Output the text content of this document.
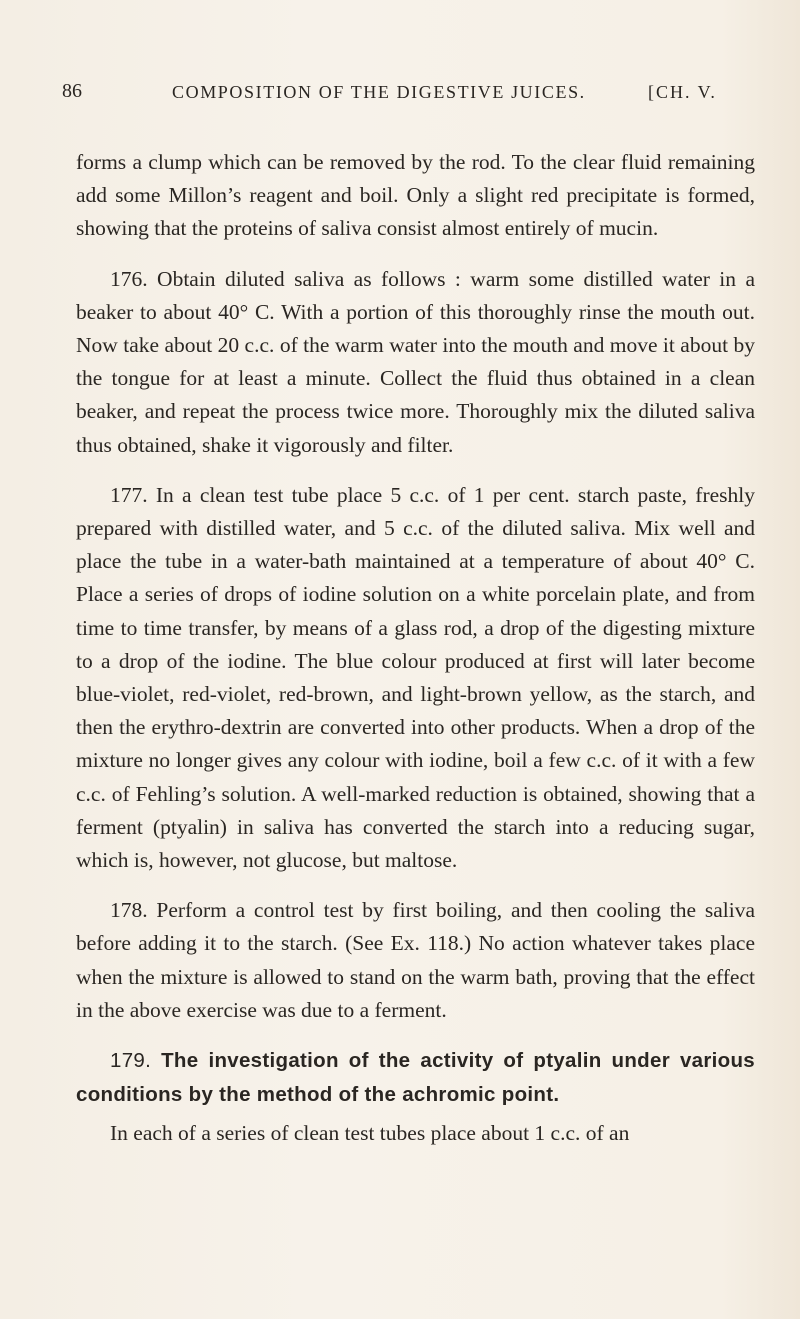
86	COMPOSITION OF THE DIGESTIVE JUICES.	[CH. V.

forms a clump which can be removed by the rod. To the clear fluid remaining add some Millon’s reagent and boil. Only a slight red precipitate is formed, showing that the proteins of saliva consist almost entirely of mucin.

176. Obtain diluted saliva as follows : warm some distilled water in a beaker to about 40° C. With a portion of this thoroughly rinse the mouth out. Now take about 20 c.c. of the warm water into the mouth and move it about by the tongue for at least a minute. Collect the fluid thus obtained in a clean beaker, and repeat the process twice more. Thoroughly mix the diluted saliva thus obtained, shake it vigorously and filter.

177. In a clean test tube place 5 c.c. of 1 per cent. starch paste, freshly prepared with distilled water, and 5 c.c. of the diluted saliva. Mix well and place the tube in a water-bath maintained at a temperature of about 40° C. Place a series of drops of iodine solution on a white porcelain plate, and from time to time transfer, by means of a glass rod, a drop of the digesting mixture to a drop of the iodine. The blue colour produced at first will later become blue-violet, red-violet, red-brown, and light-brown yellow, as the starch, and then the erythro-dextrin are converted into other products. When a drop of the mixture no longer gives any colour with iodine, boil a few c.c. of it with a few c.c. of Fehling’s solution. A well-marked reduction is obtained, showing that a ferment (ptyalin) in saliva has converted the starch into a reducing sugar, which is, however, not glucose, but maltose.

178. Perform a control test by first boiling, and then cooling the saliva before adding it to the starch. (See Ex. 118.) No action whatever takes place when the mixture is allowed to stand on the warm bath, proving that the effect in the above exercise was due to a ferment.

179. The investigation of the activity of ptyalin under various conditions by the method of the achromic point.

In each of a series of clean test tubes place about 1 c.c. of an
